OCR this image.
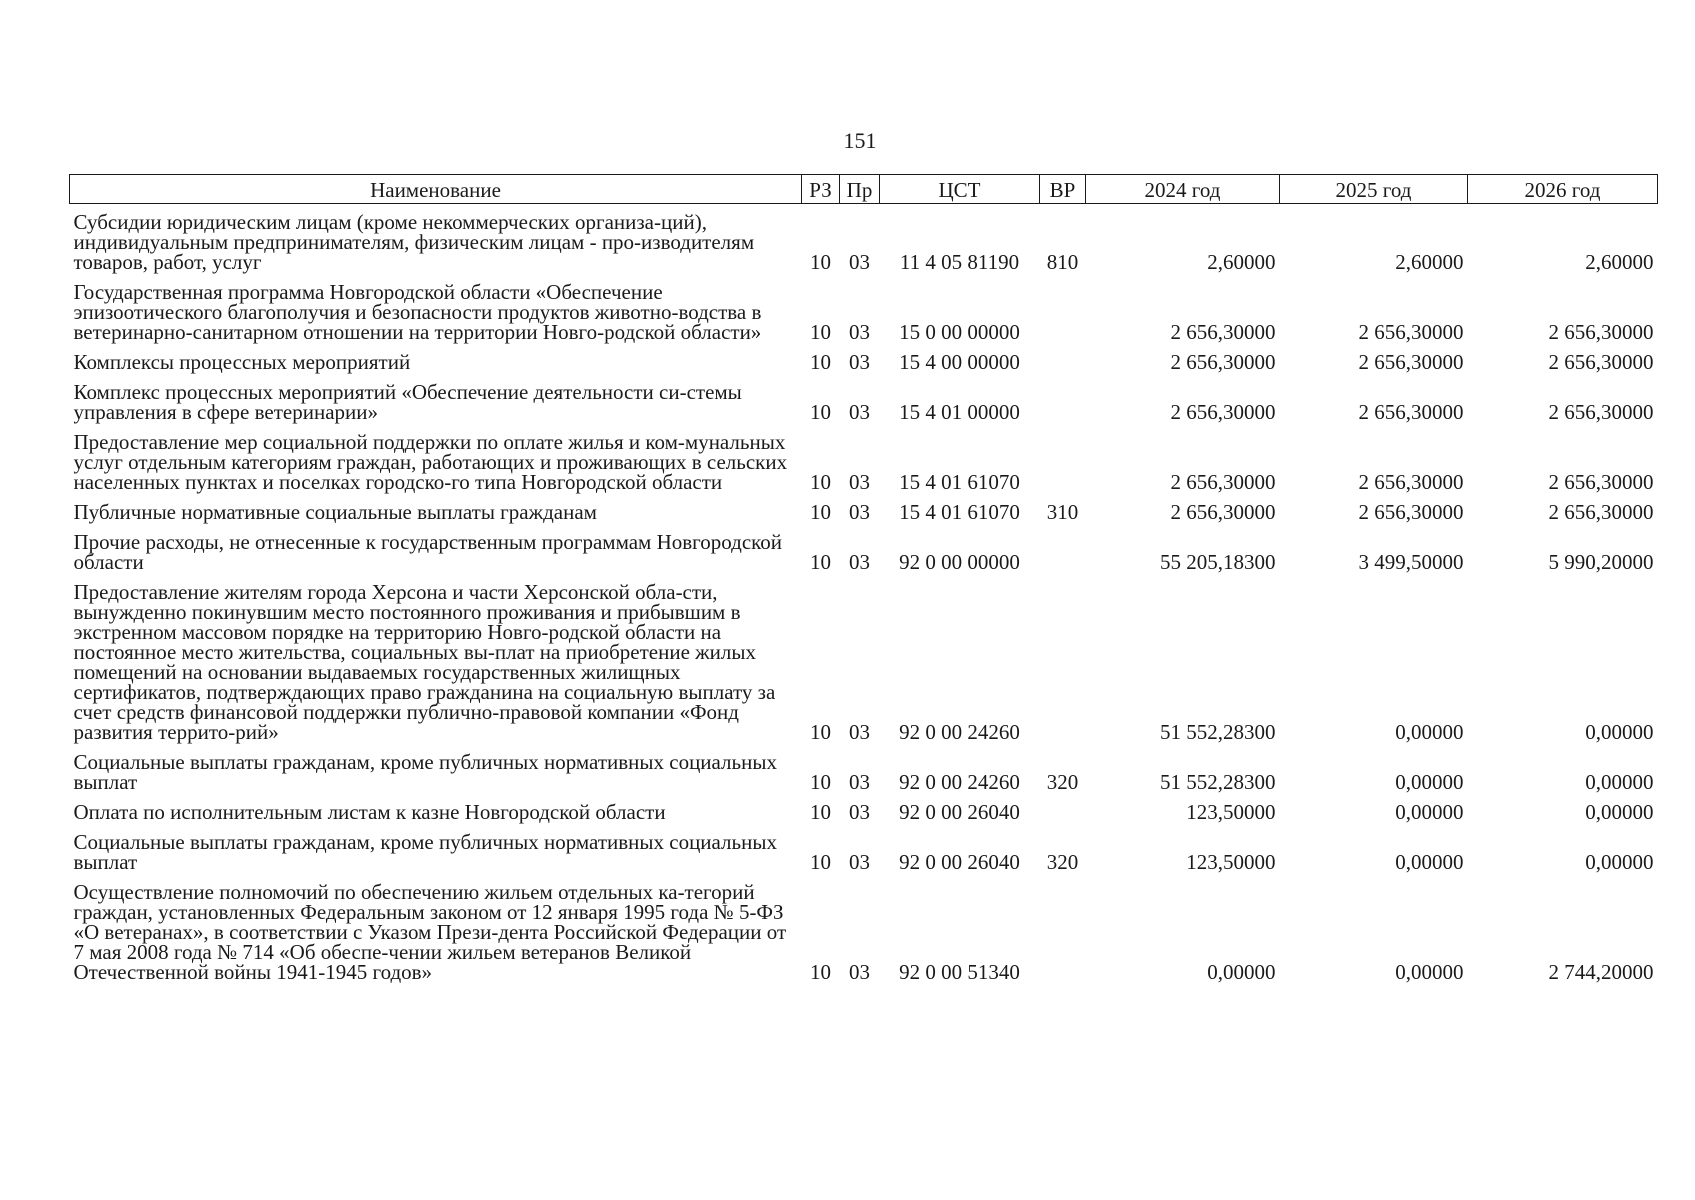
151
Наименование	РЗ	Пр	ЦСТ	ВР	2024 год	2025 год	2026 год
Субсидии юридическим лицам (кроме некоммерческих организа-ций), индивидуальным предпринимателям, физическим лицам - про-изводителям товаров, работ, услуг	10	03	11 4 05 81190	810	2,60000	2,60000	2,60000
Государственная программа Новгородской области «Обеспечение эпизоотического благополучия и безопасности продуктов животно-водства в ветеринарно-санитарном отношении на территории Новго-родской области»	10	03	15 0 00 00000		2 656,30000	2 656,30000	2 656,30000
Комплексы процессных мероприятий	10	03	15 4 00 00000		2 656,30000	2 656,30000	2 656,30000
Комплекс процессных мероприятий «Обеспечение деятельности си-стемы управления в сфере ветеринарии»	10	03	15 4 01 00000		2 656,30000	2 656,30000	2 656,30000
Предоставление мер социальной поддержки по оплате жилья и ком-мунальных услуг отдельным категориям граждан, работающих и проживающих в сельских населенных пунктах и поселках городско-го типа Новгородской области	10	03	15 4 01 61070		2 656,30000	2 656,30000	2 656,30000
Публичные нормативные социальные выплаты гражданам	10	03	15 4 01 61070	310	2 656,30000	2 656,30000	2 656,30000
Прочие расходы, не отнесенные к государственным программам Новгородской области	10	03	92 0 00 00000		55 205,18300	3 499,50000	5 990,20000
Предоставление жителям города Херсона и части Херсонской обла-сти, вынужденно покинувшим место постоянного проживания и прибывшим в экстренном массовом порядке на территорию Новго-родской области на постоянное место жительства, социальных вы-плат на приобретение жилых помещений на основании выдаваемых государственных жилищных сертификатов, подтверждающих право гражданина на социальную выплату за счет средств финансовой поддержки публично-правовой компании «Фонд развития террито-рий»	10	03	92 0 00 24260		51 552,28300	0,00000	0,00000
Социальные выплаты гражданам, кроме публичных нормативных социальных выплат	10	03	92 0 00 24260	320	51 552,28300	0,00000	0,00000
Оплата по исполнительным листам к казне Новгородской области	10	03	92 0 00 26040		123,50000	0,00000	0,00000
Социальные выплаты гражданам, кроме публичных нормативных социальных выплат	10	03	92 0 00 26040	320	123,50000	0,00000	0,00000
Осуществление полномочий по обеспечению жильем отдельных ка-тегорий граждан, установленных Федеральным законом от 12 января 1995 года № 5-ФЗ «О ветеранах», в соответствии с Указом Прези-дента Российской Федерации от 7 мая 2008 года № 714 «Об обеспе-чении жильем ветеранов Великой Отечественной войны 1941-1945 годов»	10	03	92 0 00 51340		0,00000	0,00000	2 744,20000
